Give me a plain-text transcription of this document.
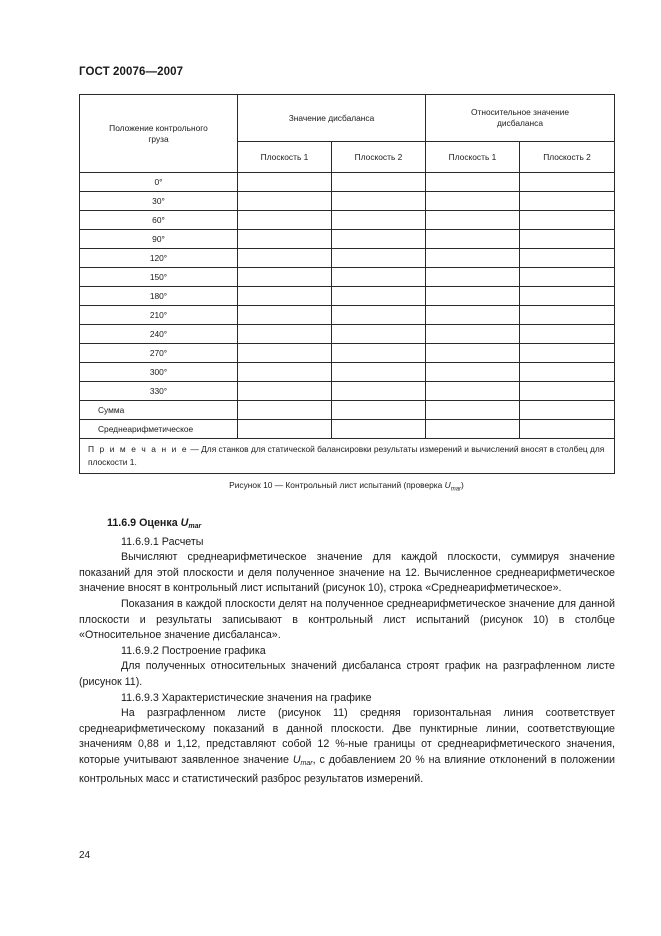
ГОСТ 20076—2007
Положение контрольного груза	Значение дисбаланса		Относительное значение дисбаланса	
	Плоскость 1	Плоскость 2	Плоскость 1	Плоскость 2
0°				
30°				
60°				
90°				
120°				
150°				
180°				
210°				
240°				
270°				
300°				
330°				
Сумма				
Среднеарифметическое				
П р и м е ч а н и е — Для станков для статической балансировки результаты измерений и вычислений вносят в столбец для плоскости 1.				
Рисунок 10 — Контрольный лист испытаний (проверка $U_{mar}$)

11.6.9 Оценка $U_{mar}$

11.6.9.1 Расчеты

Вычисляют среднеарифметическое значение для каждой плоскости, суммируя значение показаний для этой плоскости и деля полученное значение на 12. Вычисленное среднеарифметическое значение вносят в контрольный лист испытаний (рисунок 10), строка «Среднеарифметическое».

Показания в каждой плоскости делят на полученное среднеарифметическое значение для данной плоскости и результаты записывают в контрольный лист испытаний (рисунок 10) в столбце «Относительное значение дисбаланса».

11.6.9.2 Построение графика

Для полученных относительных значений дисбаланса строят график на разграфленном листе (рисунок 11).

11.6.9.3 Характеристические значения на графике

На разграфленном листе (рисунок 11) средняя горизонтальная линия соответствует среднеарифметическому показаний в данной плоскости. Две пунктирные линии, соответствующие значениям 0,88 и 1,12, представляют собой 12 %-ные границы от среднеарифметического значения, которые учитывают заявленное значение $U_{mar}$, с добавлением 20 % на влияние отклонений в положении контрольных масс и статистический разброс результатов измерений.

24
